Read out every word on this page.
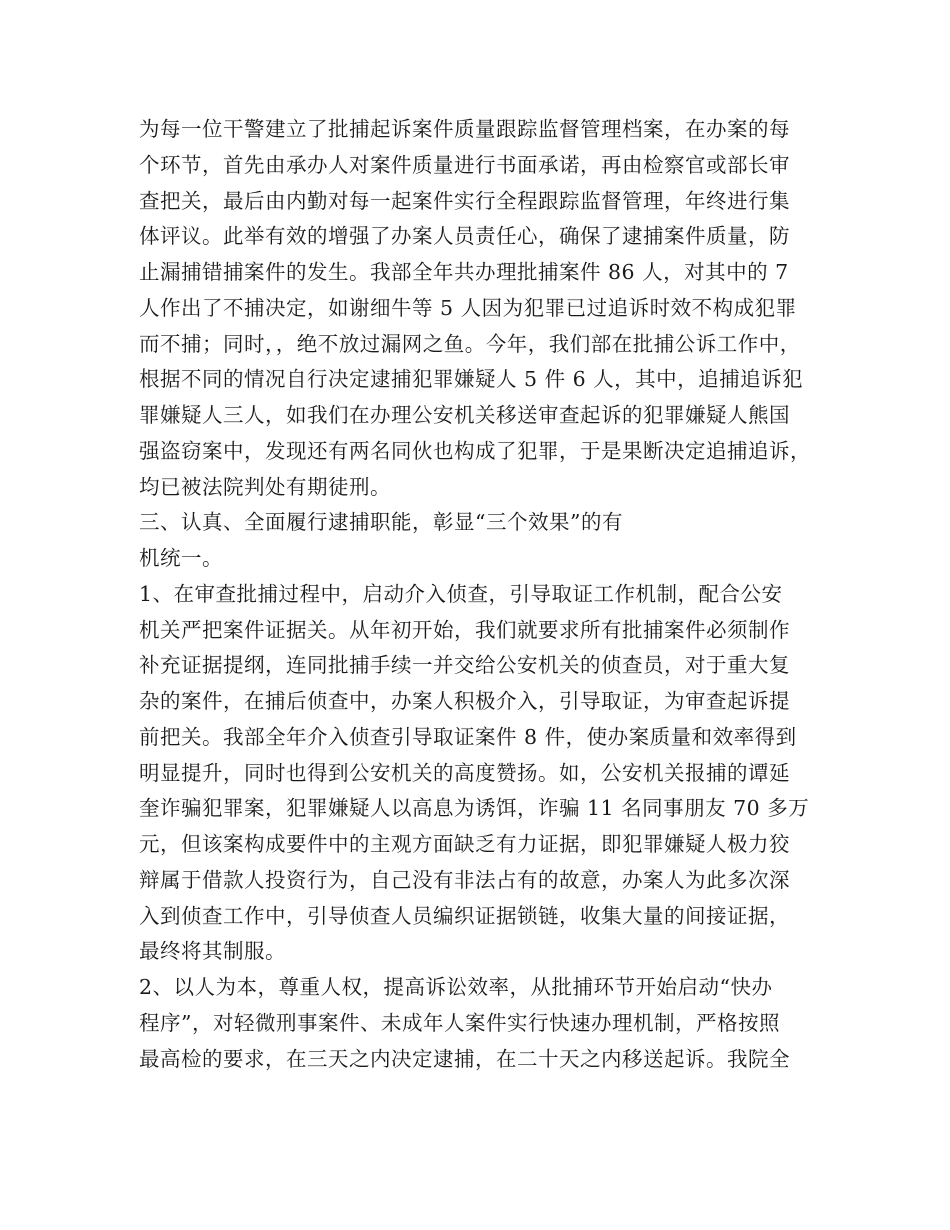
为每一位干警建立了批捕起诉案件质量跟踪监督管理档案，在办案的每
个环节，首先由承办人对案件质量进行书面承诺，再由检察官或部长审
查把关，最后由内勤对每一起案件实行全程跟踪监督管理，年终进行集
体评议。此举有效的增强了办案人员责任心，确保了逮捕案件质量，防
止漏捕错捕案件的发生。我部全年共办理批捕案件 86 人，对其中的 7
人作出了不捕决定，如谢细牛等 5 人因为犯罪已过追诉时效不构成犯罪
而不捕；同时，，绝不放过漏网之鱼。今年，我们部在批捕公诉工作中，
根据不同的情况自行决定逮捕犯罪嫌疑人 5 件 6 人，其中，追捕追诉犯
罪嫌疑人三人，如我们在办理公安机关移送审查起诉的犯罪嫌疑人熊国
强盗窃案中，发现还有两名同伙也构成了犯罪，于是果断决定追捕追诉，
均已被法院判处有期徒刑。
三、认真、全面履行逮捕职能，彰显“三个效果”的有
机统一。
1、在审查批捕过程中，启动介入侦查，引导取证工作机制，配合公安
机关严把案件证据关。从年初开始，我们就要求所有批捕案件必须制作
补充证据提纲，连同批捕手续一并交给公安机关的侦查员，对于重大复
杂的案件，在捕后侦查中，办案人积极介入，引导取证，为审查起诉提
前把关。我部全年介入侦查引导取证案件 8 件，使办案质量和效率得到
明显提升，同时也得到公安机关的高度赞扬。如，公安机关报捕的谭延
奎诈骗犯罪案，犯罪嫌疑人以高息为诱饵，诈骗 11 名同事朋友 70 多万
元，但该案构成要件中的主观方面缺乏有力证据，即犯罪嫌疑人极力狡
辩属于借款人投资行为，自己没有非法占有的故意，办案人为此多次深
入到侦查工作中，引导侦查人员编织证据锁链，收集大量的间接证据，
最终将其制服。
2、以人为本，尊重人权，提高诉讼效率，从批捕环节开始启动“快办
程序”，对轻微刑事案件、未成年人案件实行快速办理机制，严格按照
最高检的要求，在三天之内决定逮捕，在二十天之内移送起诉。我院全
